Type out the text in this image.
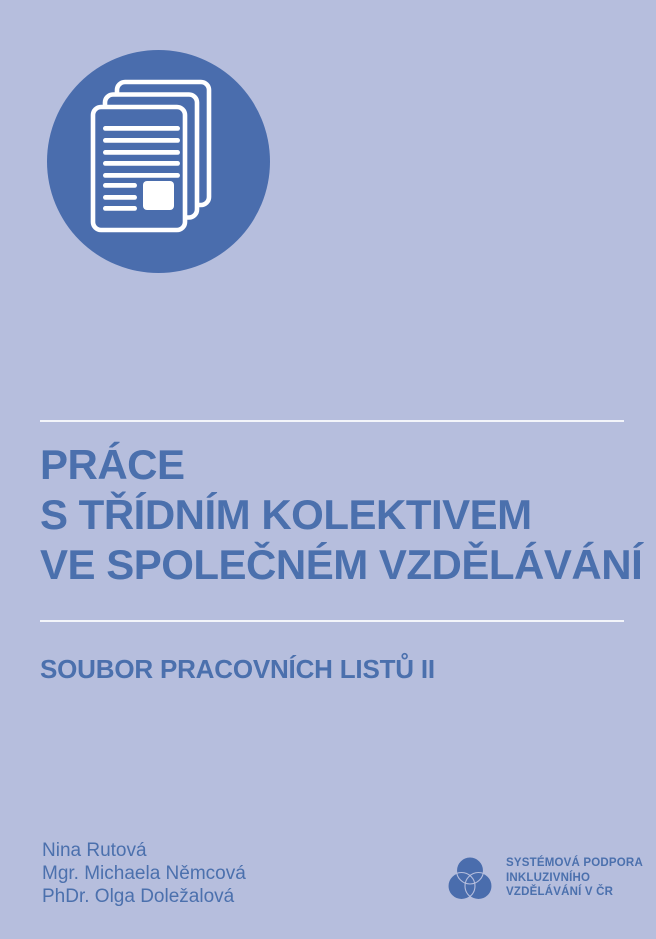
PRÁCE
S TŘÍDNÍM KOLEKTIVEM
VE SPOLEČNÉM VZDĚLÁVÁNÍ
SOUBOR PRACOVNÍCH LISTŮ II
Nina Rutová
Mgr. Michaela Němcová
PhDr. Olga Doležalová
SYSTÉMOVÁ PODPORA
INKLUZIVNÍHO
VZDĚLÁVÁNÍ V ČR
